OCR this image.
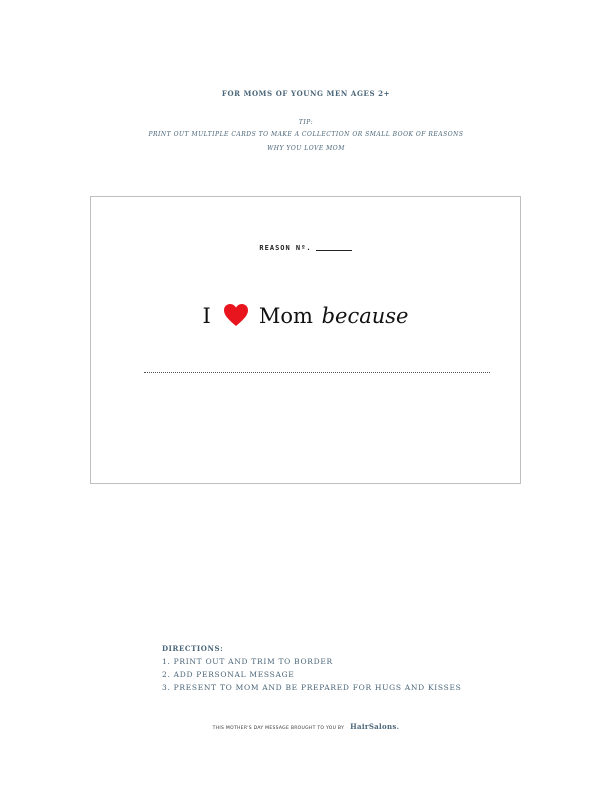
FOR MOMS OF YOUNG MEN AGES 2+
TIP:
PRINT OUT MULTIPLE CARDS TO MAKE A COLLECTION OR SMALL BOOK OF REASONS
WHY YOU LOVE MOM
REASON Nº.
I Mom because
DIRECTIONS:
1. PRINT OUT AND TRIM TO BORDER
2. ADD PERSONAL MESSAGE
3. PRESENT TO MOM AND BE PREPARED FOR HUGS AND KISSES
THIS MOTHER'S DAY MESSAGE BROUGHT TO YOU BY HairSalons.
